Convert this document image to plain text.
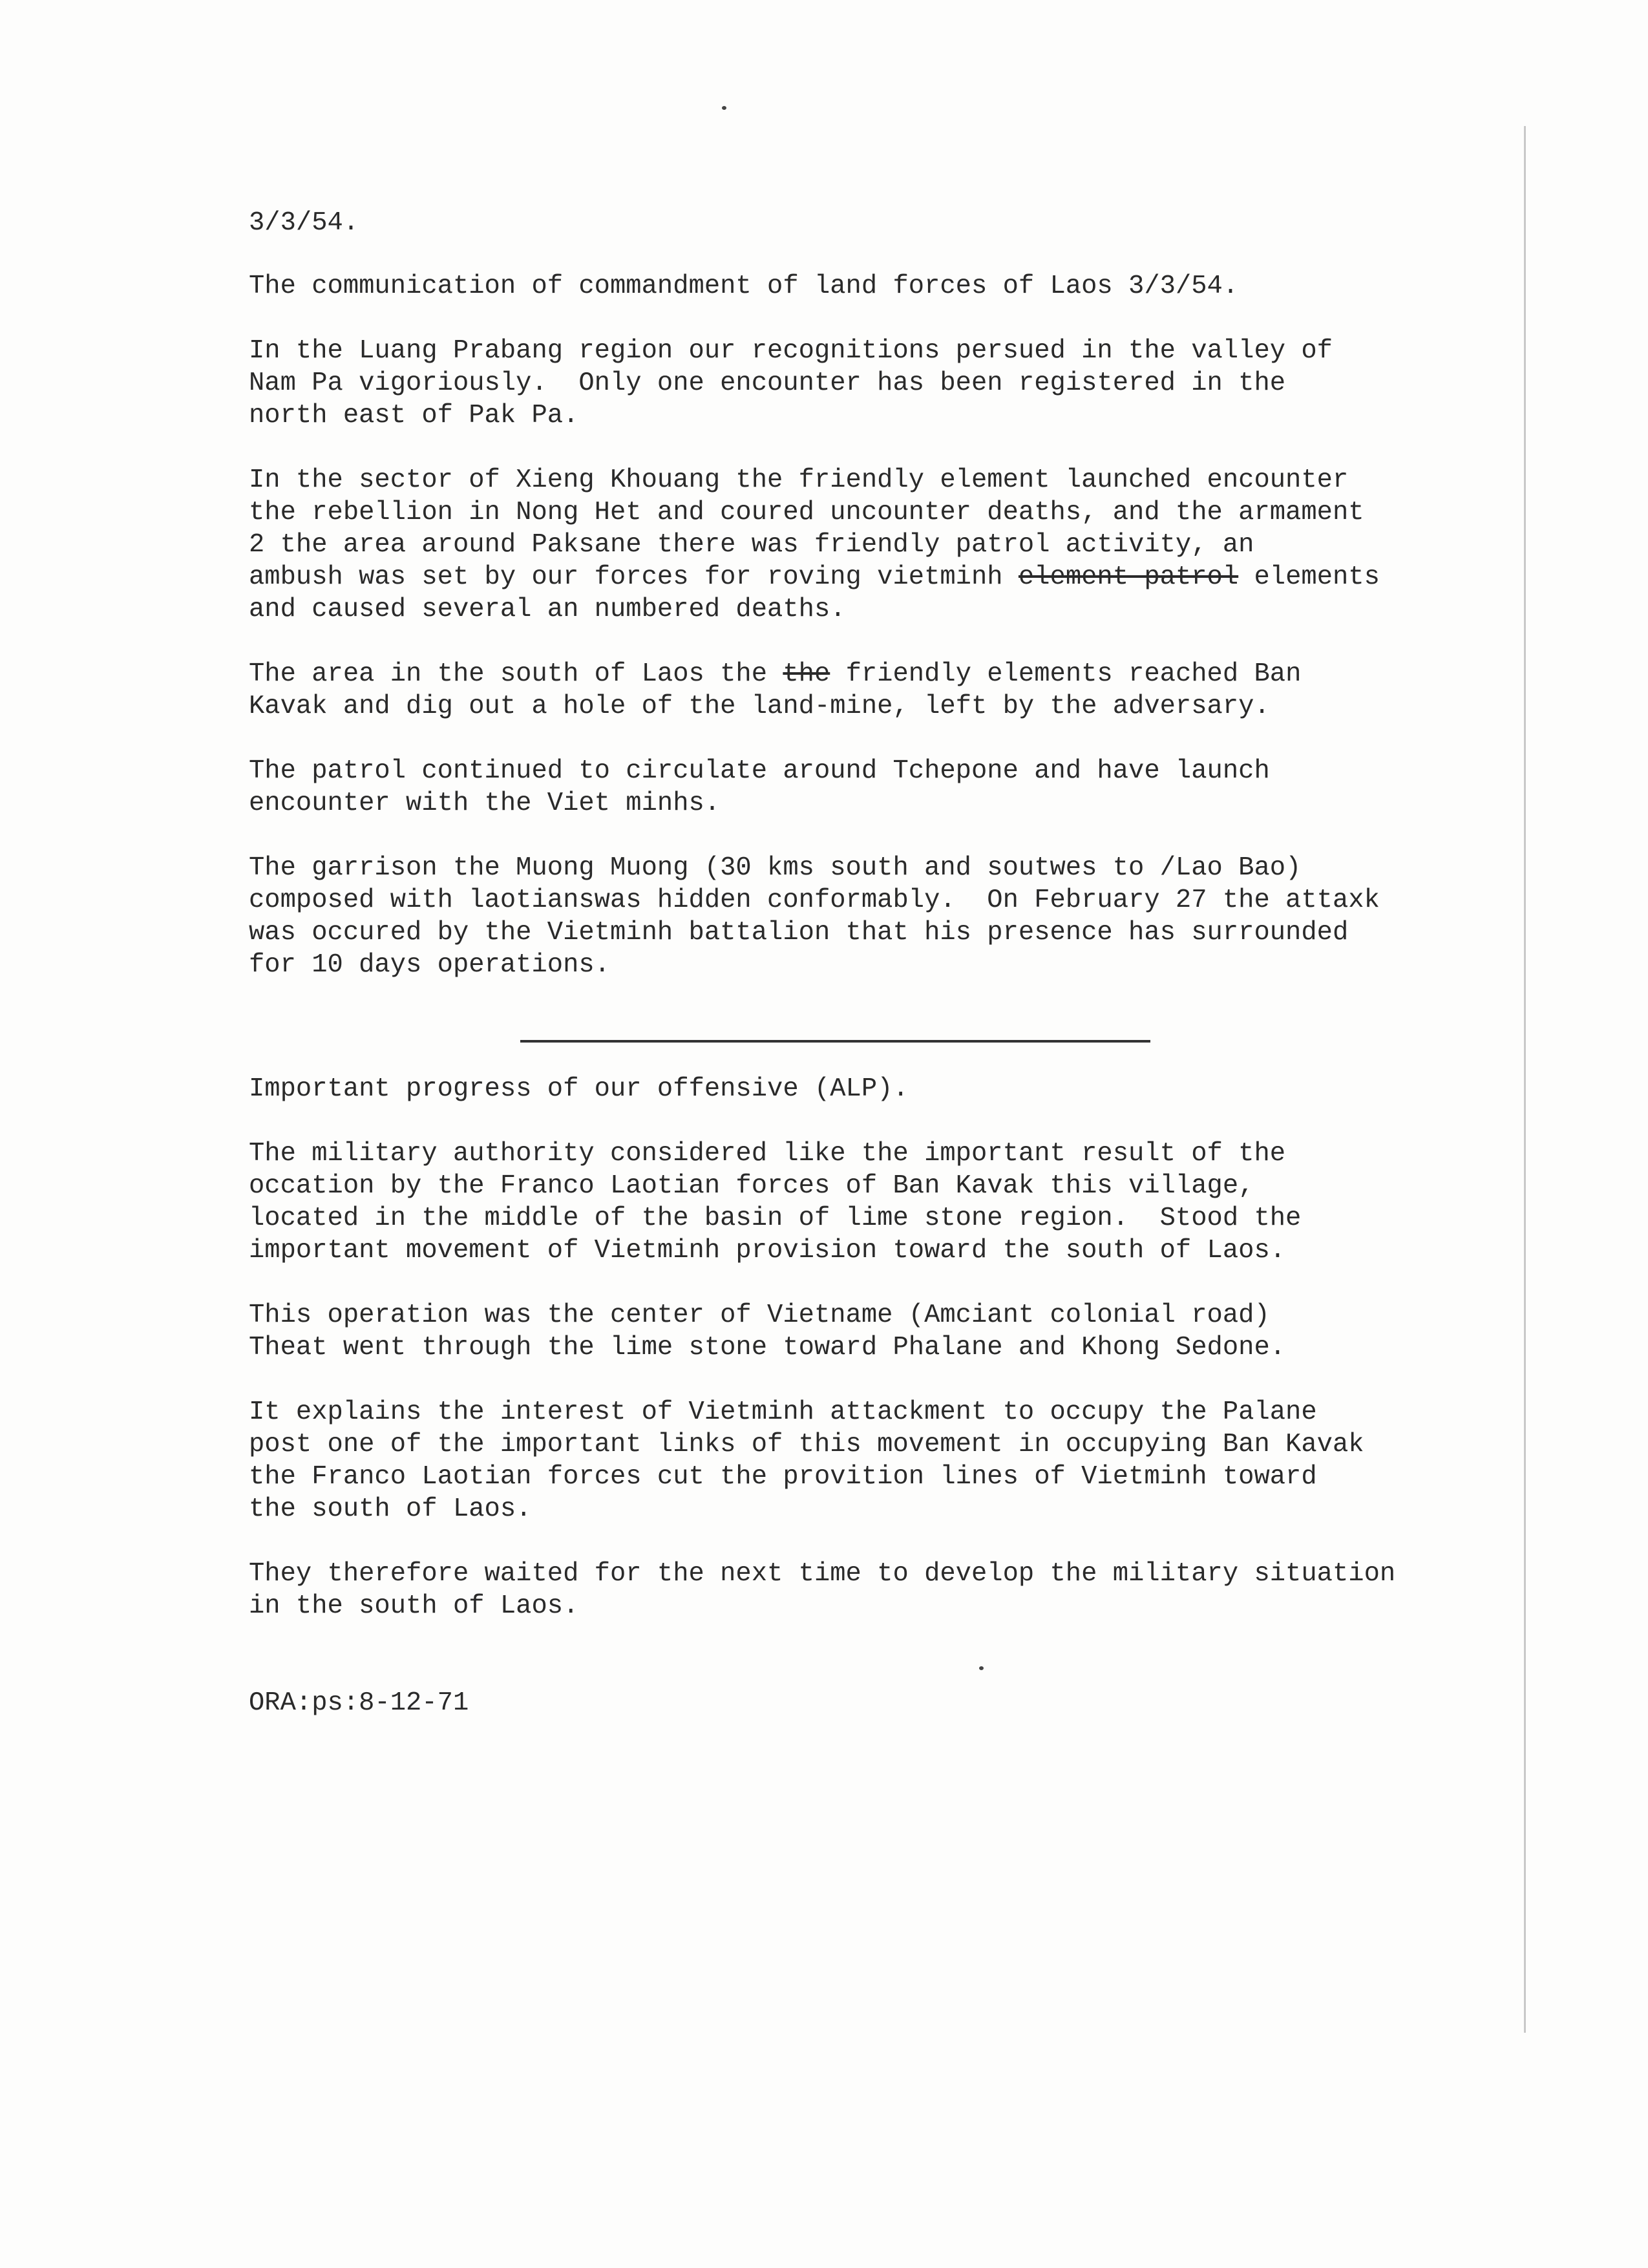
3/3/54.

The communication of commandment of land forces of Laos 3/3/54.

In the Luang Prabang region our recognitions persued in the valley of

Nam Pa vigoriously.  Only one encounter has been registered in the

north east of Pak Pa.

In the sector of Xieng Khouang the friendly element launched encounter

the rebellion in Nong Het and coured uncounter deaths, and the armament

2 the area around Paksane there was friendly patrol activity, an

ambush was set by our forces for roving vietminh element patrol elements

and caused several an numbered deaths.

The area in the south of Laos the the friendly elements reached Ban

Kavak and dig out a hole of the land-mine, left by the adversary.

The patrol continued to circulate around Tchepone and have launch

encounter with the Viet minhs.

The garrison the Muong Muong (30 kms south and soutwes to /Lao Bao)

composed with laotianswas hidden conformably.  On February 27 the attaxk

was occured by the Vietminh battalion that his presence has surrounded

for 10 days operations.

Important progress of our offensive (ALP).

The military authority considered like the important result of the

occation by the Franco Laotian forces of Ban Kavak this village,

located in the middle of the basin of lime stone region.  Stood the

important movement of Vietminh provision toward the south of Laos.

This operation was the center of Vietname (Amciant colonial road)

Theat went through the lime stone toward Phalane and Khong Sedone.

It explains the interest of Vietminh attackment to occupy the Palane

post one of the important links of this movement in occupying Ban Kavak

the Franco Laotian forces cut the provition lines of Vietminh toward

the south of Laos.

They therefore waited for the next time to develop the military situation

in the south of Laos.

ORA:ps:8-12-71
